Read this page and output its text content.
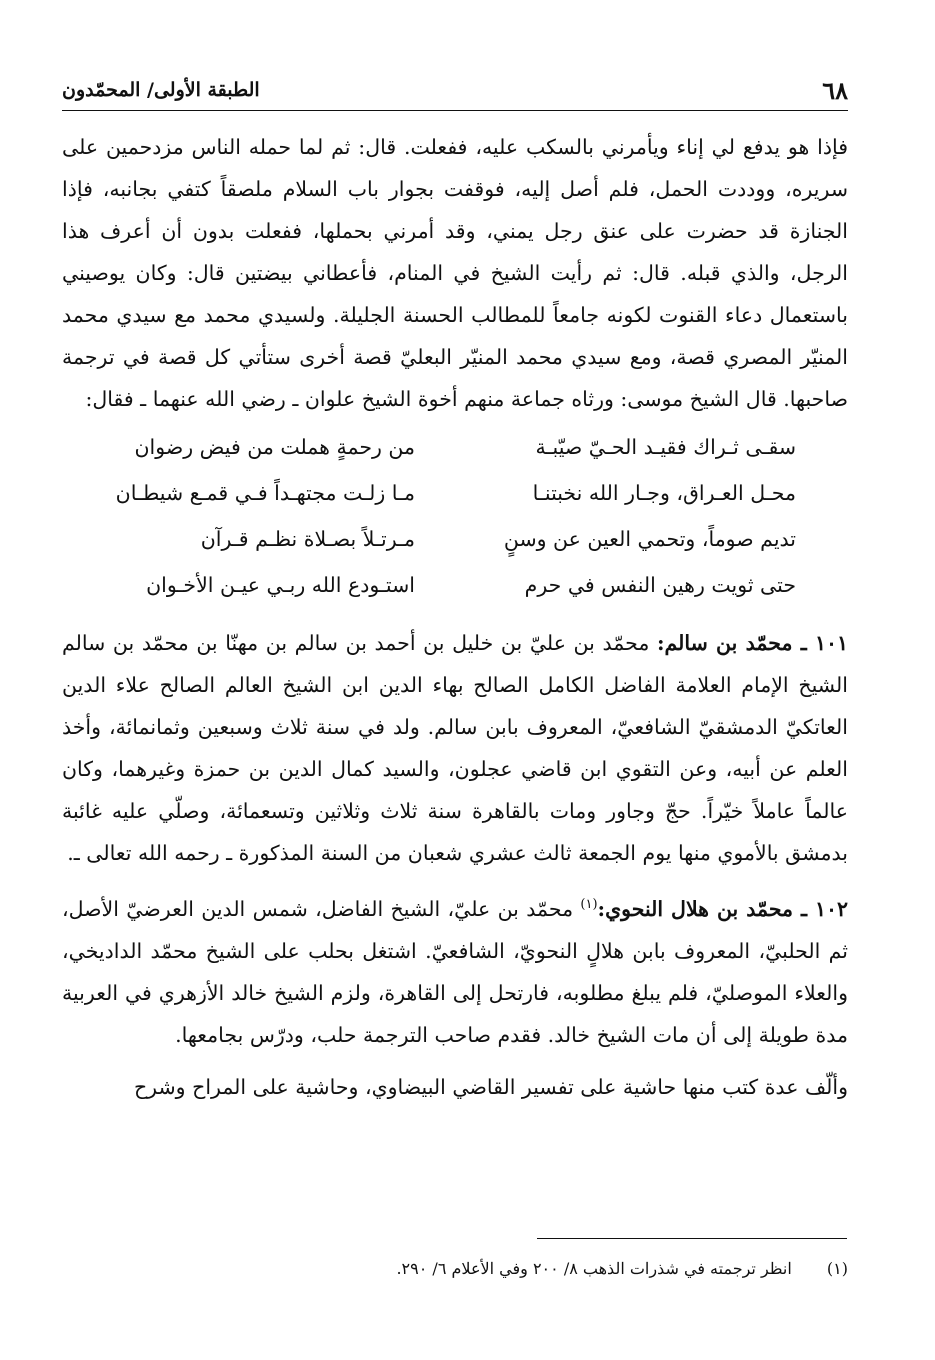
٦٨
الطبقة الأولى/ المحمّدون

فإذا هو يدفع لي إناء ويأمرني بالسكب عليه، ففعلت. قال: ثم لما حمله الناس مزدحمين على سريره، ووددت الحمل، فلم أصل إليه، فوقفت بجوار باب السلام ملصقاً كتفي بجانبه، فإذا الجنازة قد حضرت على عنق رجل يمني، وقد أمرني بحملها، ففعلت بدون أن أعرف هذا الرجل، والذي قبله. قال: ثم رأيت الشيخ في المنام، فأعطاني بيضتين قال: وكان يوصيني باستعمال دعاء القنوت لكونه جامعاً للمطالب الحسنة الجليلة. ولسيدي محمد مع سيدي محمد المنيّر المصري قصة، ومع سيدي محمد المنيّر البعليّ قصة أخرى ستأتي كل قصة في ترجمة صاحبها. قال الشيخ موسى: ورثاه جماعة منهم أخوة الشيخ علوان ـ رضي الله عنهما ـ فقال:

سقـى ثـراك فقيـد الحـيّ صيّبـة
من رحمةٍ هملت من فيض رضوان
محـل العـراق، وجـار الله نخبتنـا
مـا زلـت مجتهـداً فـي قمـع شيطـان
تديم صوماً، وتحمي العين عن وسنٍ
مـرتـلاً بصـلاة نظـم قـرآن
حتى ثويت رهين النفس في حرم
استـودع الله ربـي عيـن الأخـوان

١٠١ ـ محمّد بن سالم: محمّد بن عليّ بن خليل بن أحمد بن سالم بن مهنّا بن محمّد بن سالم الشيخ الإمام العلامة الفاضل الكامل الصالح بهاء الدين ابن الشيخ العالم الصالح علاء الدين العاتكيّ الدمشقيّ الشافعيّ، المعروف بابن سالم. ولد في سنة ثلاث وسبعين وثمانمائة، وأخذ العلم عن أبيه، وعن التقوي ابن قاضي عجلون، والسيد كمال الدين بن حمزة وغيرهما، وكان عالماً عاملاً خيّراً. حجّ وجاور ومات بالقاهرة سنة ثلاث وثلاثين وتسعمائة، وصلّي عليه غائبة بدمشق بالأموي منها يوم الجمعة ثالث عشري شعبان من السنة المذكورة ـ رحمه الله تعالى ـ.

١٠٢ ـ محمّد بن هلال النحوي:$^{(١)}$ محمّد بن عليّ، الشيخ الفاضل، شمس الدين العرضيّ الأصل، ثم الحلبيّ، المعروف بابن هلالٍ النحويّ، الشافعيّ. اشتغل بحلب على الشيخ محمّد الداديخي، والعلاء الموصليّ، فلم يبلغ مطلوبه، فارتحل إلى القاهرة، ولزم الشيخ خالد الأزهري في العربية مدة طويلة إلى أن مات الشيخ خالد. فقدم صاحب الترجمة حلب، ودرّس بجامعها.

وألّف عدة كتب منها حاشية على تفسير القاضي البيضاوي، وحاشية على المراح وشرح

(١) انظر ترجمته في شذرات الذهب ٨/ ٢٠٠ وفي الأعلام ٦/ ٢٩٠.
